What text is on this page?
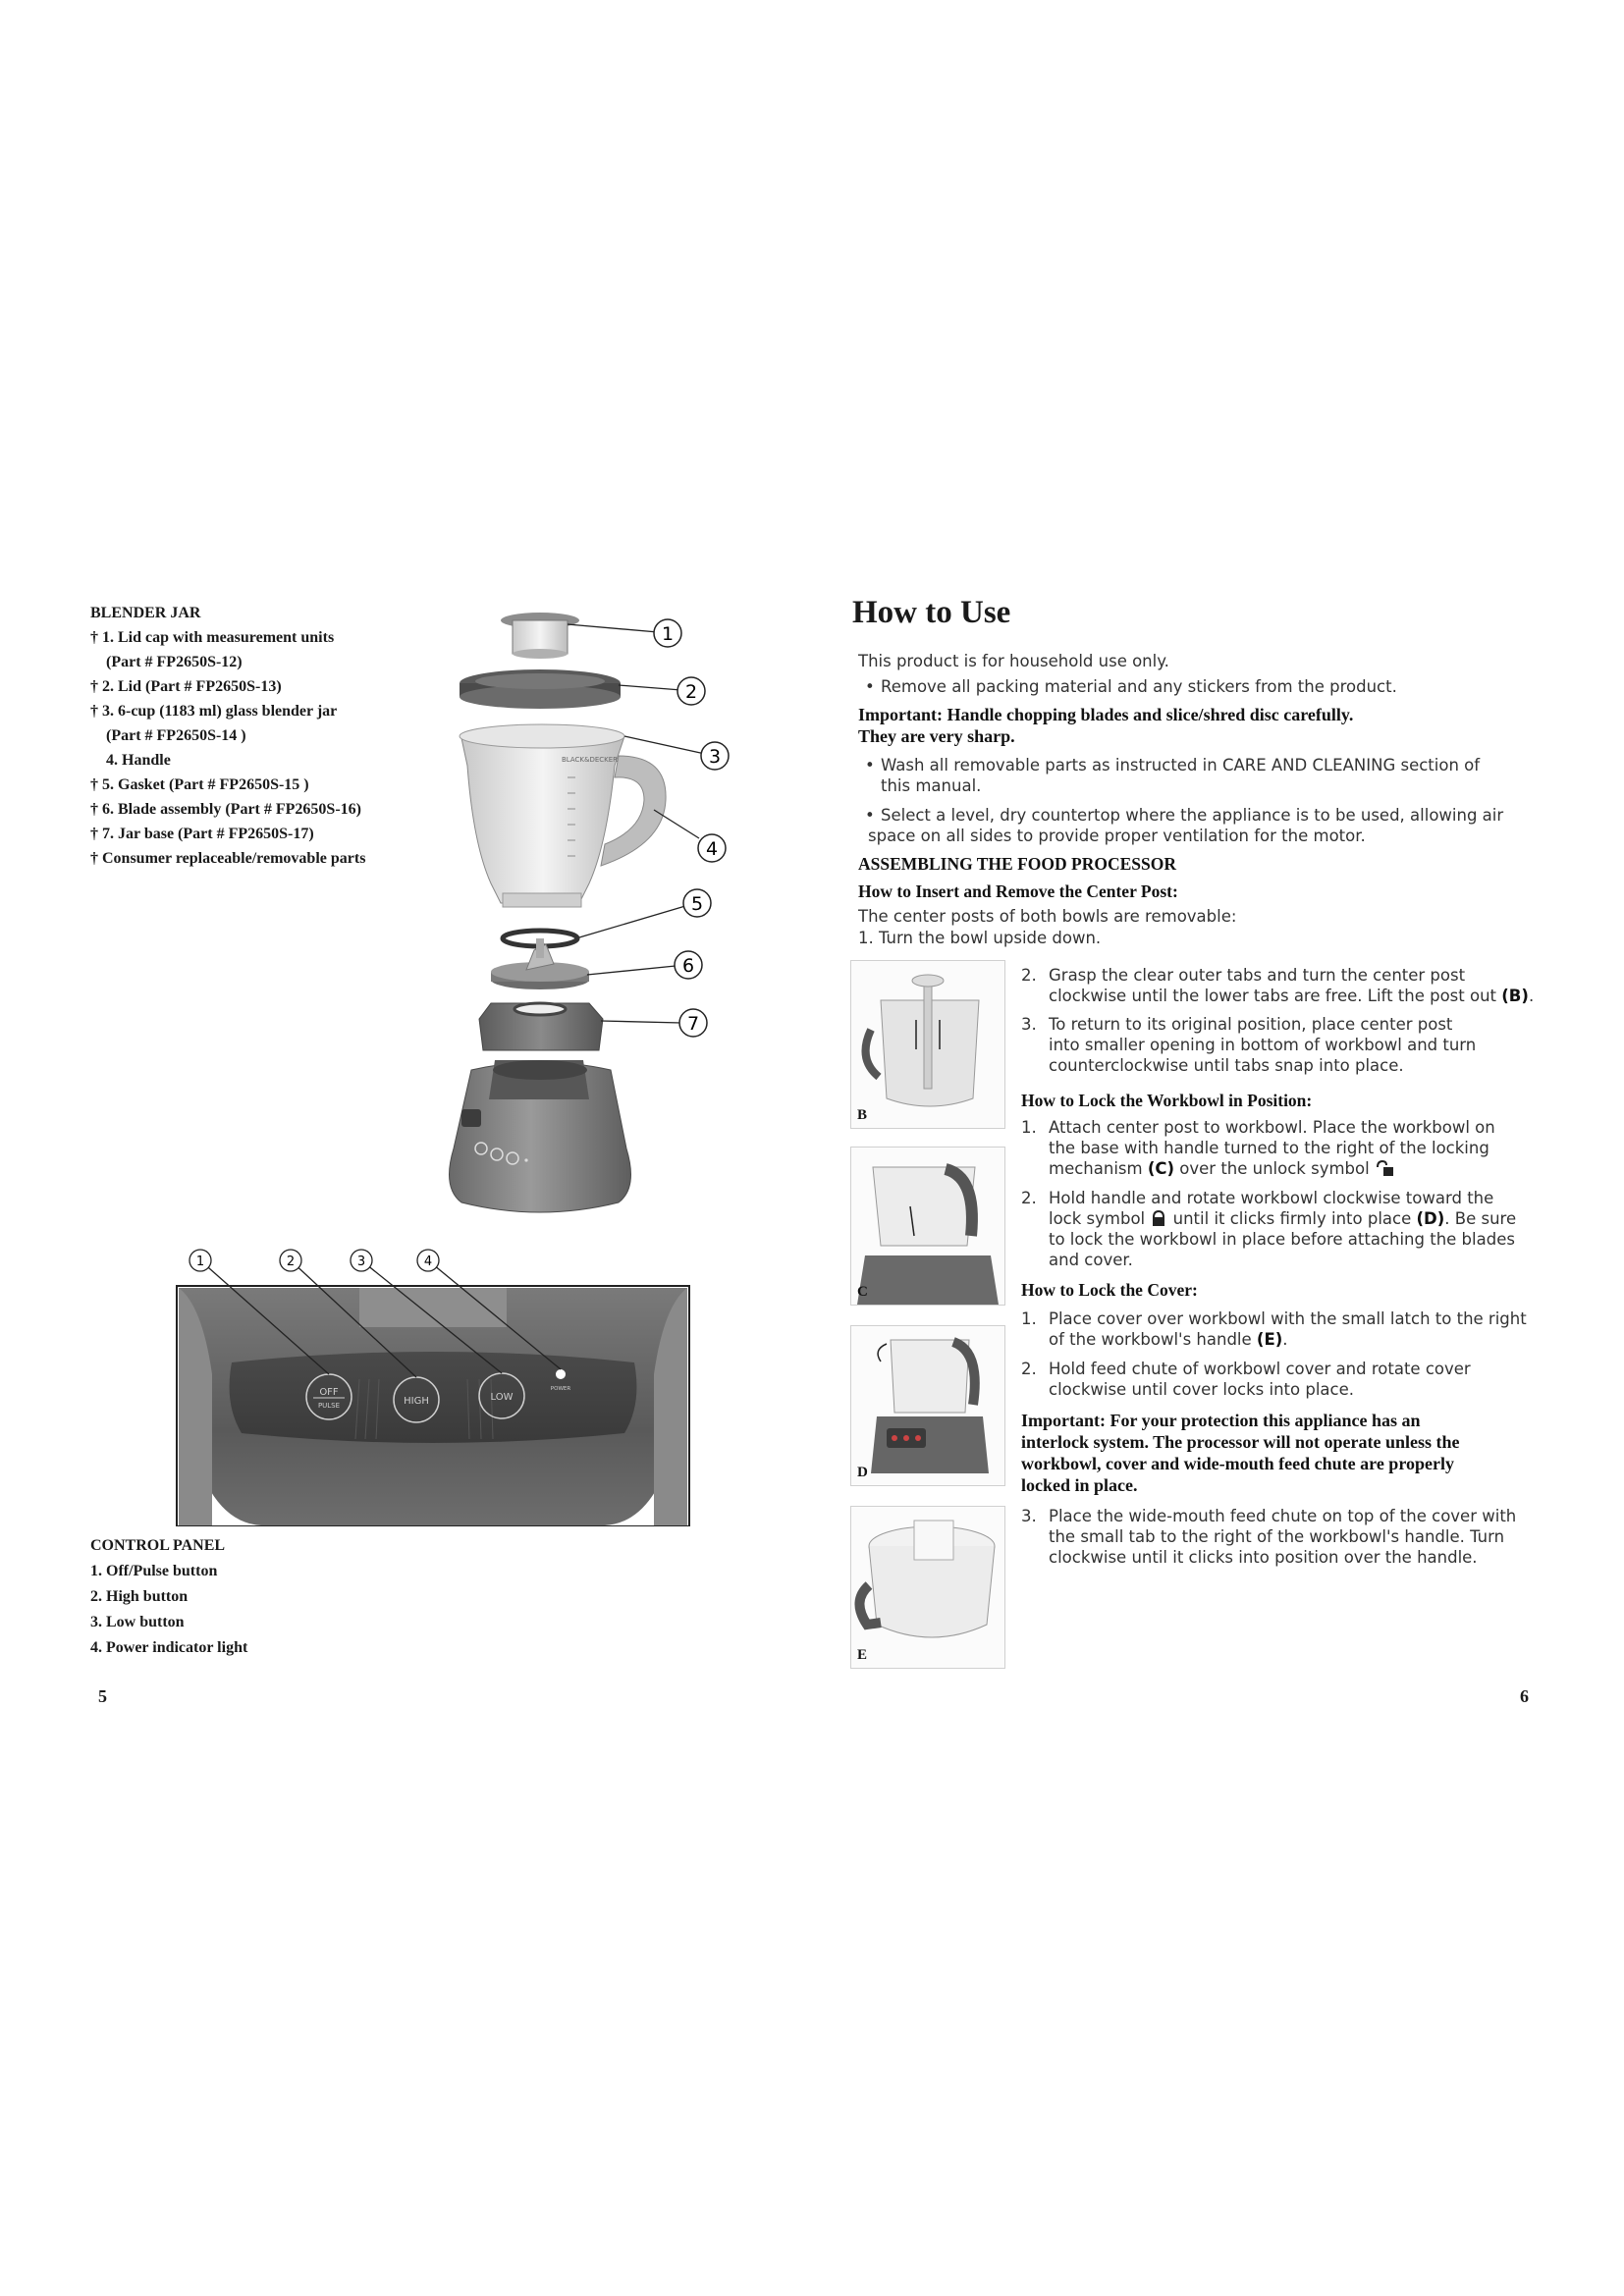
BLENDER JAR
† 1. Lid cap with measurement units
(Part # FP2650S-12)
† 2. Lid (Part # FP2650S-13)
† 3. 6-cup (1183 ml) glass blender jar
(Part # FP2650S-14 )
4. Handle
† 5. Gasket (Part # FP2650S-15 )
† 6. Blade assembly (Part # FP2650S-16)
† 7. Jar base (Part # FP2650S-17)
† Consumer replaceable/removable parts
BLACK&DECKER
1
2
3
4
5
6
7
OFF
PULSE	HIGH	LOW
POWER
1	2	3	4
CONTROL PANEL
1. Off/Pulse button
2. High button
3. Low button
4. Power indicator light
5
How to Use

This product is for household use only.

• Remove all packing material and any stickers from the product.

Important: Handle chopping blades and slice/shred disc carefully.

They are very sharp.

• Wash all removable parts as instructed in CARE AND CLEANING section of

this manual.

• Select a level, dry countertop where the appliance is to be used, allowing air

space on all sides to provide proper ventilation for the motor.

ASSEMBLING THE FOOD PROCESSOR

How to Insert and Remove the Center Post:

The center posts of both bowls are removable:

1. Turn the bowl upside down.

B
C
D
E
2. Grasp the clear outer tabs and turn the center post
clockwise until the lower tabs are free. Lift the post out (B).
3. To return to its original position, place center post
into smaller opening in bottom of workbowl and turn
counterclockwise until tabs snap into place.

How to Lock the Workbowl in Position:

1. Attach center post to workbowl. Place the workbowl on
the base with handle turned to the right of the locking
mechanism (C) over the unlock symbol
2. Hold handle and rotate workbowl clockwise toward the
lock symbol until it clicks firmly into place (D). Be sure
to lock the workbowl in place before attaching the blades
and cover.

How to Lock the Cover:

1. Place cover over workbowl with the small latch to the right
of the workbowl's handle (E).
2. Hold feed chute of workbowl cover and rotate cover
clockwise until cover locks into place.
Important: For your protection this appliance has an
interlock system. The processor will not operate unless the
workbowl, cover and wide-mouth feed chute are properly
locked in place.
3. Place the wide-mouth feed chute on top of the cover with
the small tab to the right of the workbowl's handle. Turn
clockwise until it clicks into position over the handle.
6
